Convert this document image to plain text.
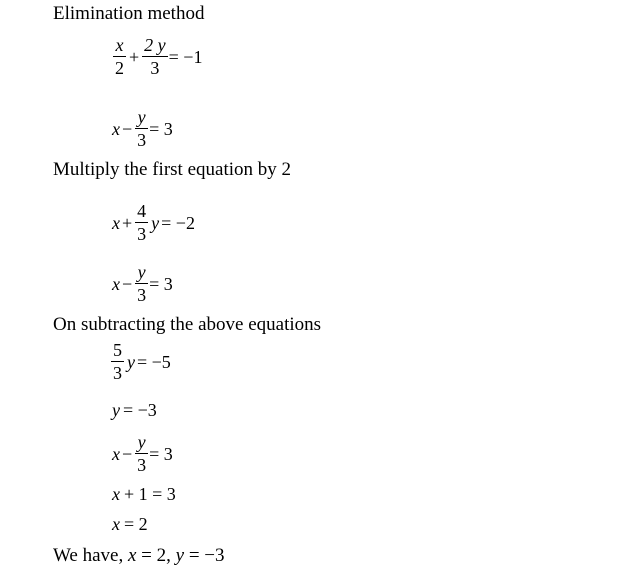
Elimination method
$\frac{x}{2} + \frac{2 y}{3} = -1$
$x - \frac{y}{3} = 3$
Multiply the first equation by 2
$x + \frac{4}{3}$ y = −2
$x - \frac{y}{3} = 3$
On subtracting the above equations
$\frac{5}{3}$ y = −5
y = −3
$x - \frac{y}{3} = 3$
x + 1 = 3
x = 2
We have, x = 2, y = −3
